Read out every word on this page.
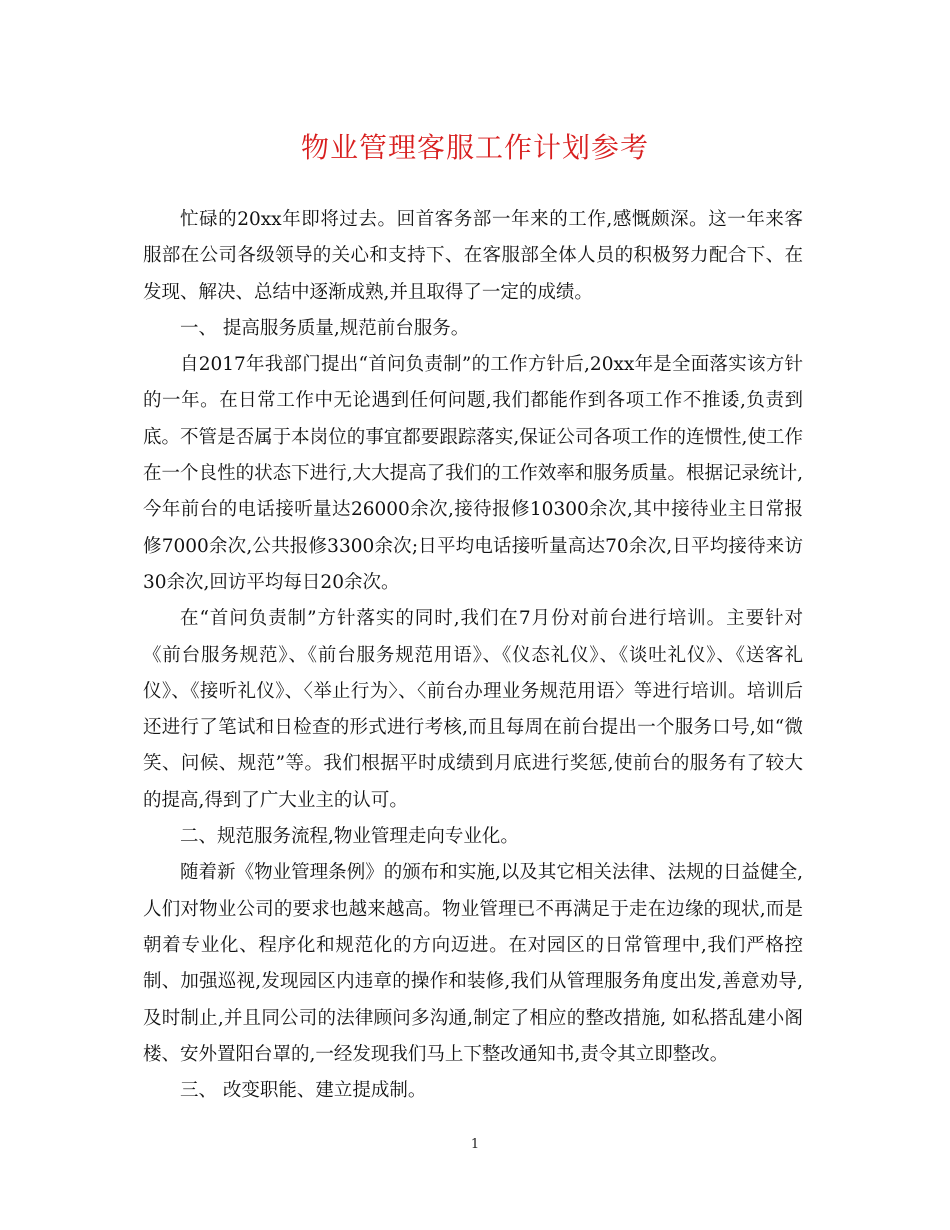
物业管理客服工作计划参考

忙碌的20xx年即将过去。回首客务部一年来的工作,感慨颇深。这一年来客服部在公司各级领导的关心和支持下、在客服部全体人员的积极努力配合下、在发现、解决、总结中逐渐成熟,并且取得了一定的成绩。

一、 提高服务质量,规范前台服务。

自2017年我部门提出“首问负责制”的工作方针后,20xx年是全面落实该方针的一年。在日常工作中无论遇到任何问题,我们都能作到各项工作不推诿,负责到底。不管是否属于本岗位的事宜都要跟踪落实,保证公司各项工作的连惯性,使工作在一个良性的状态下进行,大大提高了我们的工作效率和服务质量。根据记录统计,今年前台的电话接听量达26000余次,接待报修10300余次,其中接待业主日常报修7000余次,公共报修3300余次;日平均电话接听量高达70余次,日平均接待来访30余次,回访平均每日20余次。

在“首问负责制”方针落实的同时,我们在7月份对前台进行培训。主要针对《前台服务规范》、《前台服务规范用语》、《仪态礼仪》、《谈吐礼仪》、《送客礼仪》、《接听礼仪》、〈举止行为〉、〈前台办理业务规范用语〉等进行培训。培训后还进行了笔试和日检查的形式进行考核,而且每周在前台提出一个服务口号,如“微笑、问候、规范”等。我们根据平时成绩到月底进行奖惩,使前台的服务有了较大的提高,得到了广大业主的认可。

二、规范服务流程,物业管理走向专业化。

随着新《物业管理条例》的颁布和实施,以及其它相关法律、法规的日益健全,人们对物业公司的要求也越来越高。物业管理已不再满足于走在边缘的现状,而是朝着专业化、程序化和规范化的方向迈进。在对园区的日常管理中,我们严格控制、加强巡视,发现园区内违章的操作和装修,我们从管理服务角度出发,善意劝导,及时制止,并且同公司的法律顾问多沟通,制定了相应的整改措施, 如私搭乱建小阁楼、安外置阳台罩的,一经发现我们马上下整改通知书,责令其立即整改。

三、 改变职能、建立提成制。

1
